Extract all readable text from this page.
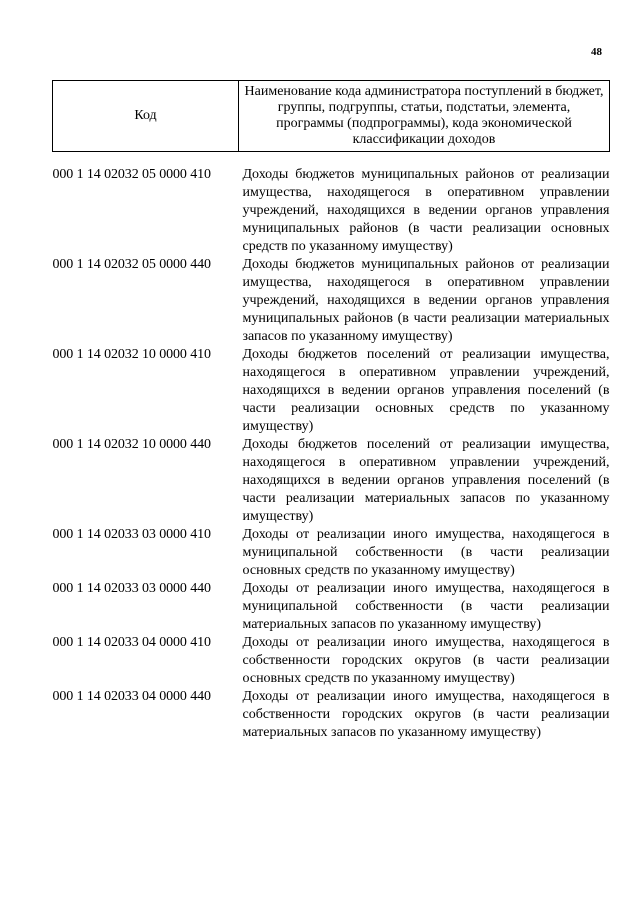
48
Код	Наименование кода администратора поступлений в бюджет, группы, подгруппы, статьи, подстатьи, элемента, программы (подпрограммы), кода экономической классификации доходов

000 1 14 02032 05 0000 410	Доходы бюджетов муниципальных районов от реализации имущества, находящегося в оперативном управлении учреждений, находящихся в ведении органов управления муниципальных районов (в части реализации основных средств по указанному имуществу)
000 1 14 02032 05 0000 440	Доходы бюджетов муниципальных районов от реализации имущества, находящегося в оперативном управлении учреждений, находящихся в ведении органов управления муниципальных районов (в части реализации материальных запасов по указанному имуществу)
000 1 14 02032 10 0000 410	Доходы бюджетов поселений от реализации имущества, находящегося в оперативном управлении учреждений, находящихся в ведении органов управления поселений (в части реализации основных средств по указанному имуществу)
000 1 14 02032 10 0000 440	Доходы бюджетов поселений от реализации имущества, находящегося в оперативном управлении учреждений, находящихся в ведении органов управления поселений (в части реализации материальных запасов по указанному имуществу)
000 1 14 02033 03 0000 410	Доходы от реализации иного имущества, находящегося в муниципальной собственности (в части реализации основных средств по указанному имуществу)
000 1 14 02033 03 0000 440	Доходы от реализации иного имущества, находящегося в муниципальной собственности (в части реализации материальных запасов по указанному имуществу)
000 1 14 02033 04 0000 410	Доходы от реализации иного имущества, находящегося в собственности городских округов (в части реализации основных средств по указанному имуществу)
000 1 14 02033 04 0000 440	Доходы от реализации иного имущества, находящегося в собственности городских округов (в части реализации материальных запасов по указанному имуществу)
